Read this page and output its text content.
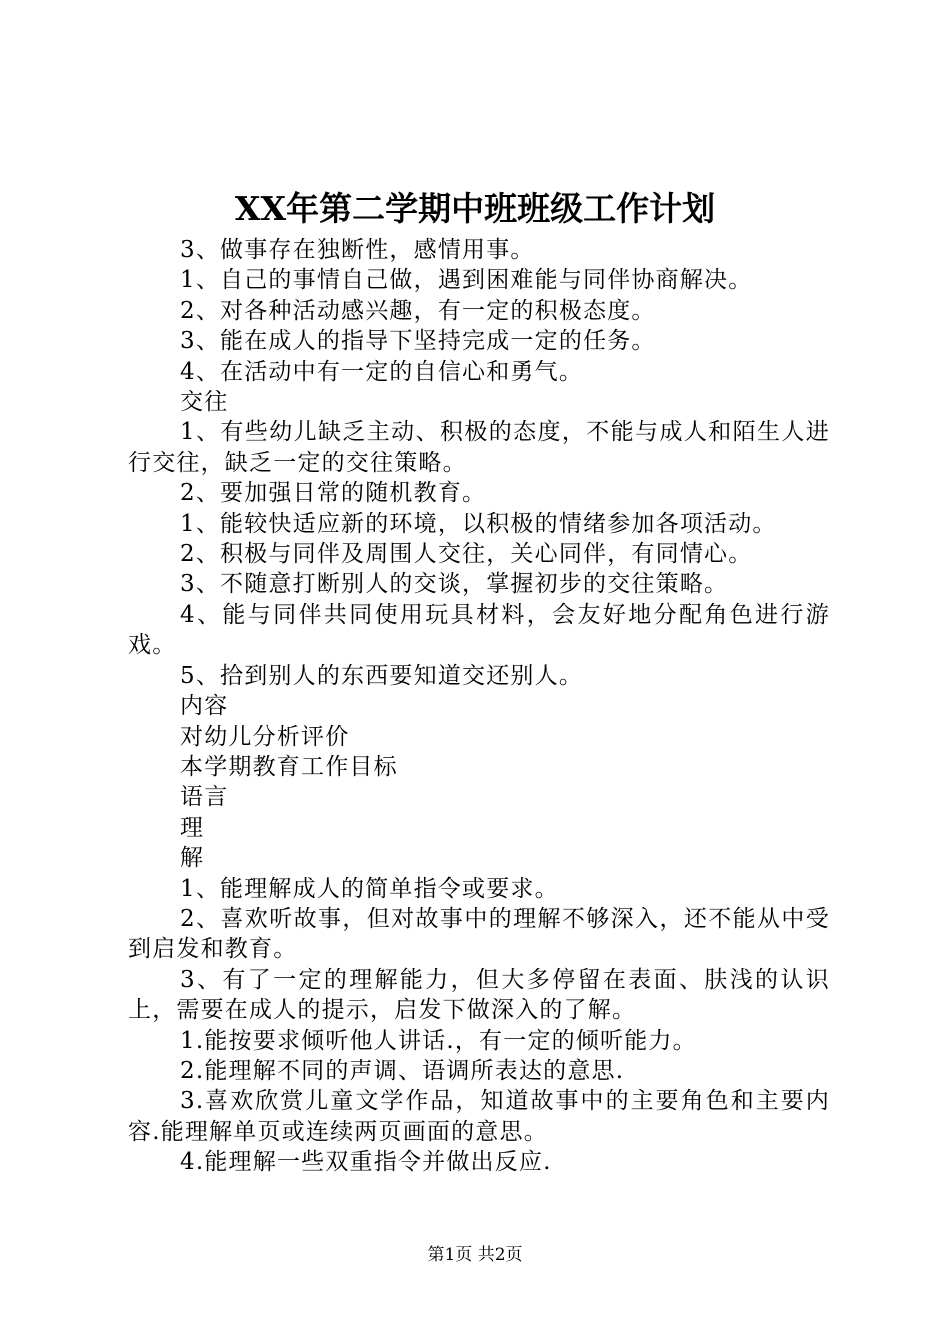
XX年第二学期中班班级工作计划

3、做事存在独断性，感情用事。

1、自己的事情自己做，遇到困难能与同伴协商解决。

2、对各种活动感兴趣，有一定的积极态度。

3、能在成人的指导下坚持完成一定的任务。

4、在活动中有一定的自信心和勇气。

交往

1、有些幼儿缺乏主动、积极的态度，不能与成人和陌生人进行交往，缺乏一定的交往策略。

2、要加强日常的随机教育。

1、能较快适应新的环境，以积极的情绪参加各项活动。

2、积极与同伴及周围人交往，关心同伴，有同情心。

3、不随意打断别人的交谈，掌握初步的交往策略。

4、能与同伴共同使用玩具材料，会友好地分配角色进行游戏。

5、拾到别人的东西要知道交还别人。

内容

对幼儿分析评价

本学期教育工作目标

语言

理

解

1、能理解成人的简单指令或要求。

2、喜欢听故事，但对故事中的理解不够深入，还不能从中受到启发和教育。

3、有了一定的理解能力，但大多停留在表面、肤浅的认识上，需要在成人的提示，启发下做深入的了解。

1.能按要求倾听他人讲话.，有一定的倾听能力。

2.能理解不同的声调、语调所表达的意思.

3.喜欢欣赏儿童文学作品，知道故事中的主要角色和主要内容.能理解单页或连续两页画面的意思。

4.能理解一些双重指令并做出反应.

第1页 共2页
